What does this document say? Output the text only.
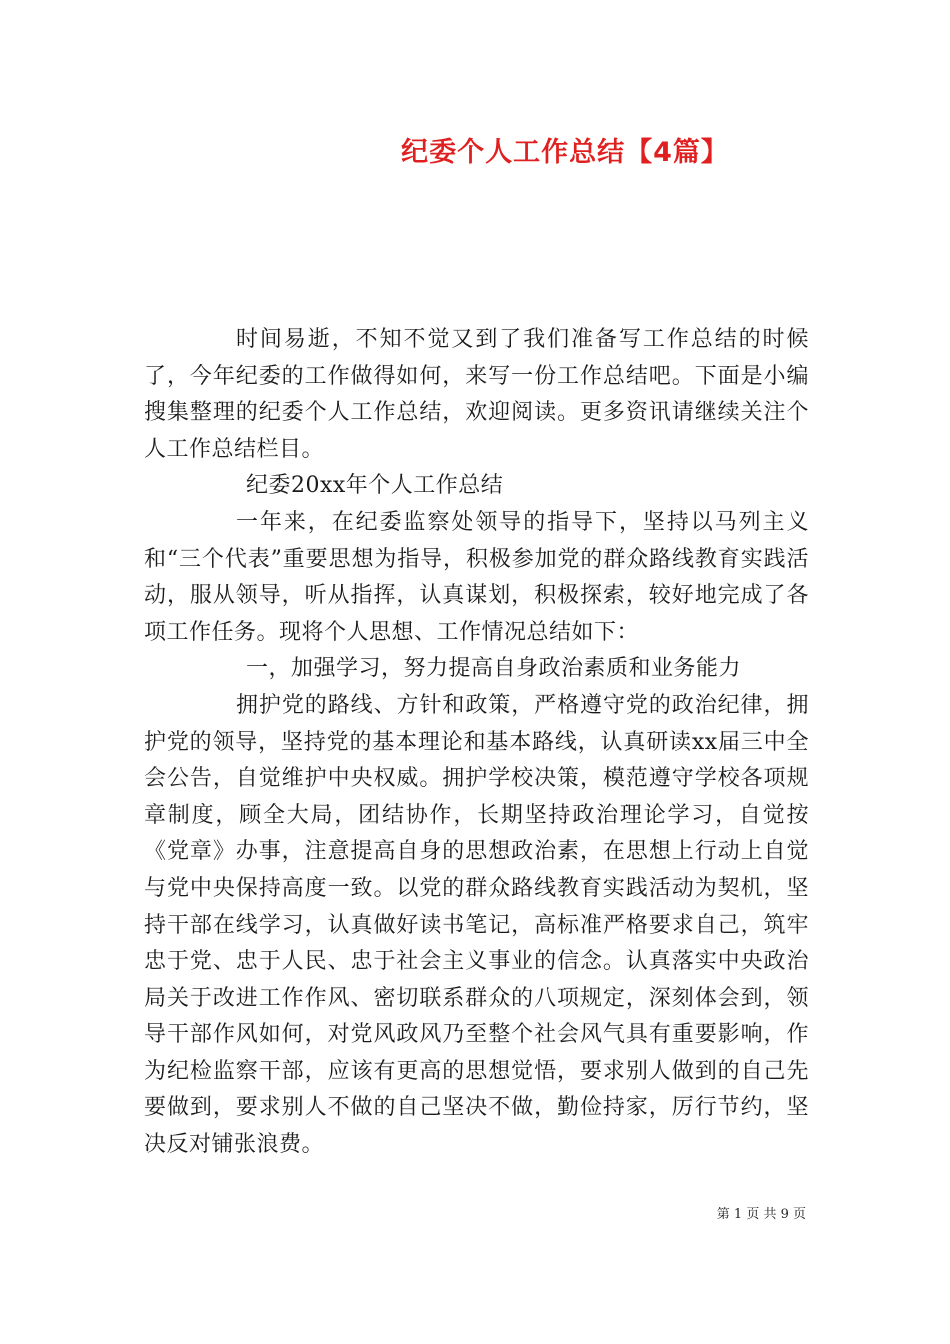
纪委个人工作总结【4篇】

时间易逝，不知不觉又到了我们准备写工作总结的时候了，今年纪委的工作做得如何，来写一份工作总结吧。下面是小编搜集整理的纪委个人工作总结，欢迎阅读。更多资讯请继续关注个人工作总结栏目。

纪委20xx年个人工作总结

一年来，在纪委监察处领导的指导下，坚持以马列主义和“三个代表”重要思想为指导，积极参加党的群众路线教育实践活动，服从领导，听从指挥，认真谋划，积极探索，较好地完成了各项工作任务。现将个人思想、工作情况总结如下：

一，加强学习，努力提高自身政治素质和业务能力

拥护党的路线、方针和政策，严格遵守党的政治纪律，拥护党的领导，坚持党的基本理论和基本路线，认真研读xx届三中全会公告，自觉维护中央权威。拥护学校决策，模范遵守学校各项规章制度，顾全大局，团结协作，长期坚持政治理论学习，自觉按《党章》办事，注意提高自身的思想政治素，在思想上行动上自觉与党中央保持高度一致。以党的群众路线教育实践活动为契机，坚持干部在线学习，认真做好读书笔记，高标准严格要求自己，筑牢忠于党、忠于人民、忠于社会主义事业的信念。认真落实中央政治局关于改进工作作风、密切联系群众的八项规定，深刻体会到，领导干部作风如何，对党风政风乃至整个社会风气具有重要影响，作为纪检监察干部，应该有更高的思想觉悟，要求别人做到的自己先要做到，要求别人不做的自己坚决不做，勤俭持家，厉行节约，坚决反对铺张浪费。

第 1 页 共 9 页
